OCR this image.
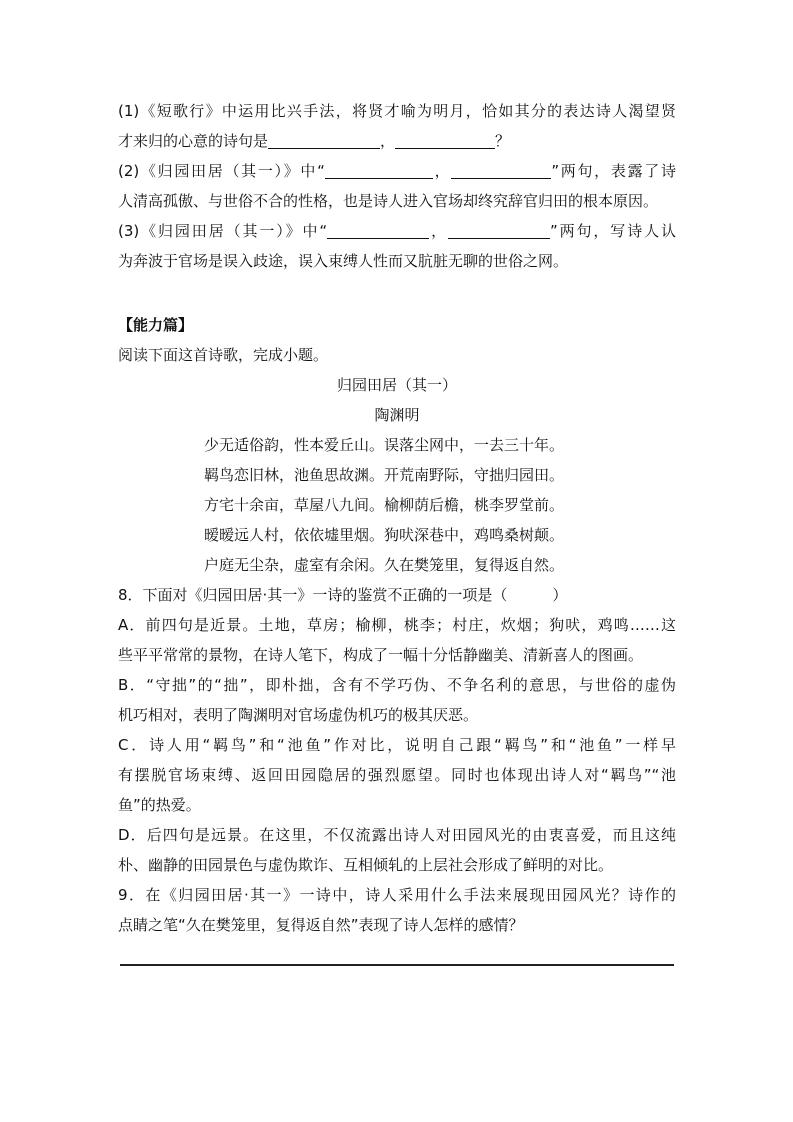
(1)《短歌行》中运用比兴手法，将贤才喻为明月，恰如其分的表达诗人渴望贤
才来归的心意的诗句是	，	？
(2)《归园田居（其一）》中“	，	”两句，表露了诗
人清高孤傲、与世俗不合的性格，也是诗人进入官场却终究辞官归田的根本原因。
(3)《归园田居（其一）》中“	，	”两句，写诗人认
为奔波于官场是误入歧途，误入束缚人性而又肮脏无聊的世俗之网。
【能力篇】
阅读下面这首诗歌，完成小题。
归园田居（其一）
陶渊明
少无适俗韵，性本爱丘山。误落尘网中，一去三十年。
羁鸟恋旧林，池鱼思故渊。开荒南野际，守拙归园田。
方宅十余亩，草屋八九间。榆柳荫后檐，桃李罗堂前。
暧暧远人村，依依墟里烟。狗吠深巷中，鸡鸣桑树颠。
户庭无尘杂，虚室有余闲。久在樊笼里，复得返自然。
8．下面对《归园田居·其一》一诗的鉴赏不正确的一项是（　　　）
A．前四句是近景。土地，草房；榆柳，桃李；村庄，炊烟；狗吠，鸡鸣……这
些平平常常的景物，在诗人笔下，构成了一幅十分恬静幽美、清新喜人的图画。
B．“守拙”的“拙”，即朴拙，含有不学巧伪、不争名利的意思，与世俗的虚伪
机巧相对，表明了陶渊明对官场虚伪机巧的极其厌恶。
C．诗人用“羁鸟”和“池鱼”作对比，说明自己跟“羁鸟”和“池鱼”一样早
有摆脱官场束缚、返回田园隐居的强烈愿望。同时也体现出诗人对“羁鸟”“池
鱼”的热爱。
D．后四句是远景。在这里，不仅流露出诗人对田园风光的由衷喜爱，而且这纯
朴、幽静的田园景色与虚伪欺诈、互相倾轧的上层社会形成了鲜明的对比。
9．在《归园田居·其一》一诗中，诗人采用什么手法来展现田园风光？诗作的
点睛之笔“久在樊笼里，复得返自然”表现了诗人怎样的感情？
